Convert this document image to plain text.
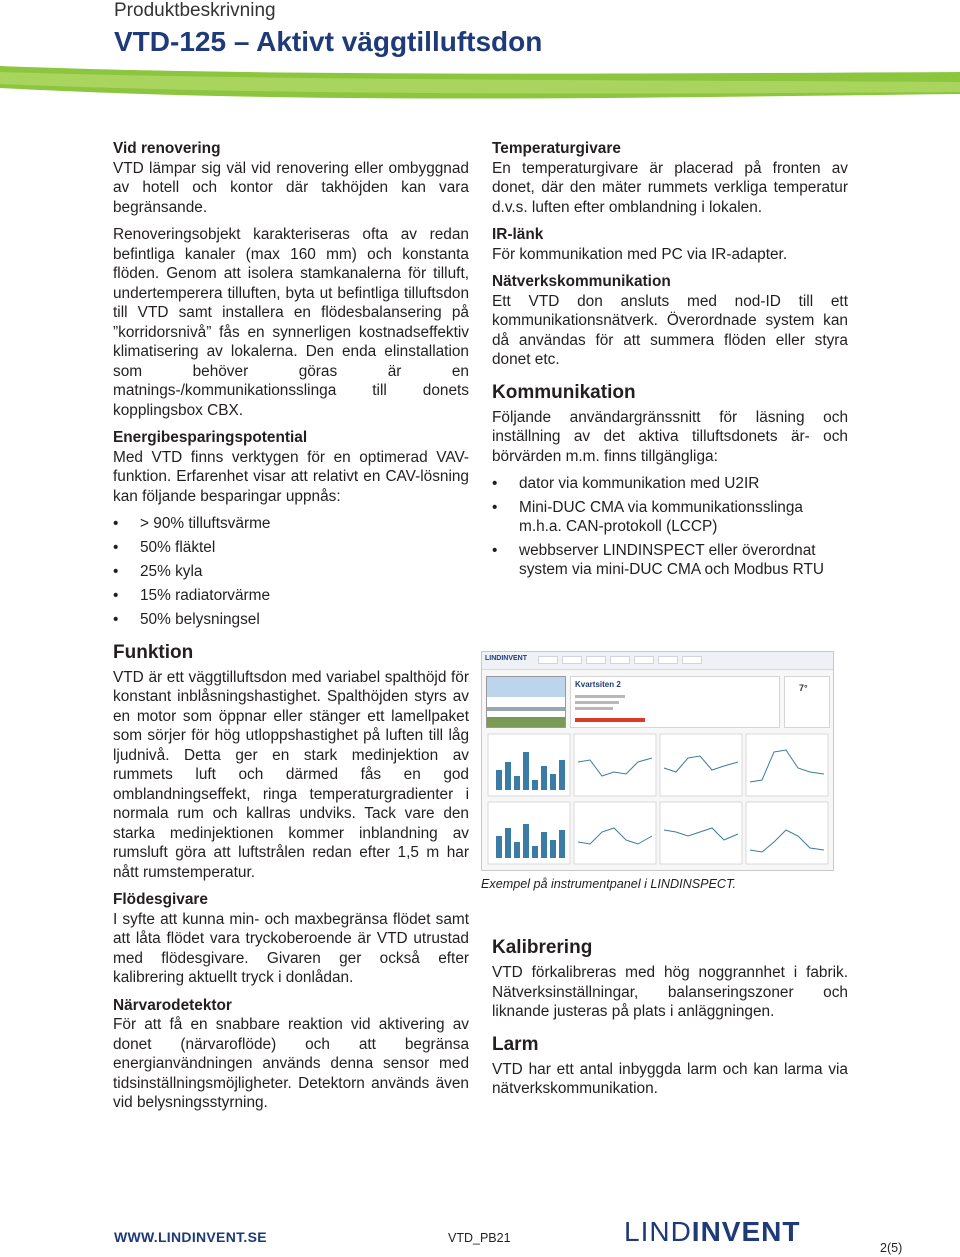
Produktbeskrivning
VTD-125 – Aktivt väggtilluftsdon
Vid renovering

VTD lämpar sig väl vid renovering eller ombyggnad av hotell och kontor där takhöjden kan vara begränsande.

Renoveringsobjekt karakteriseras ofta av redan befintliga kanaler (max 160 mm) och konstanta flöden. Genom att isolera stamkanalerna för tilluft, undertemperera tilluften, byta ut befintliga tilluftsdon till VTD samt installera en flödesbalansering på ”korridorsnivå” fås en synnerligen kostnadseffektiv klimatisering av lokalerna. Den enda elinstallation som behöver göras är en matnings-/kommunikationsslinga till donets kopplingsbox CBX.

Energibesparingspotential

Med VTD finns verktygen för en optimerad VAV-funktion. Erfarenhet visar att relativt en CAV-lösning kan följande besparingar uppnås:

• > 90% tilluftsvärme
• 50% fläktel
• 25% kyla
• 15% radiatorvärme
• 50% belysningsel
Funktion

VTD är ett väggtilluftsdon med variabel spalthöjd för konstant inblåsningshastighet. Spalthöjden styrs av en motor som öppnar eller stänger ett lamellpaket som sörjer för hög utloppshastighet på luften till låg ljudnivå. Detta ger en stark medinjektion av rummets luft och därmed fås en god omblandningseffekt, ringa temperaturgradienter i normala rum och kallras undviks. Tack vare den starka medinjektionen kommer inblandning av rumsluft göra att luftstrålen redan efter 1,5 m har nått rumstemperatur.

Flödesgivare

I syfte att kunna min- och maxbegränsa flödet samt att låta flödet vara tryckoberoende är VTD utrustad med flödesgivare. Givaren ger också efter kalibrering aktuellt tryck i donlådan.

Närvarodetektor

För att få en snabbare reaktion vid aktivering av donet (närvaroflöde) och att begränsa energianvändningen används denna sensor med tidsinställningsmöjligheter. Detektorn används även vid belysningsstyrning.

Temperaturgivare

En temperaturgivare är placerad på fronten av donet, där den mäter rummets verkliga temperatur d.v.s. luften efter omblandning i lokalen.

IR-länk

För kommunikation med PC via IR-adapter.

Nätverkskommunikation

Ett VTD don ansluts med nod-ID till ett kommunikationsnätverk. Överordnade system kan då användas för att summera flöden eller styra donet etc.

Kommunikation

Följande användargränssnitt för läsning och inställning av det aktiva tilluftsdonets är- och börvärden m.m. finns tillgängliga:

• dator via kommunikation med U2IR
• Mini-DUC CMA via kommunikationsslinga m.h.a. CAN-protokoll (LCCP)
• webbserver LINDINSPECT eller överordnat system via mini-DUC CMA och Modbus RTU
LINDINVENT
Kvartsiten 2	7°
Exempel på instrumentpanel i LINDINSPECT.
Kalibrering

VTD förkalibreras med hög noggrannhet i fabrik. Nätverksinställningar, balanseringszoner och liknande justeras på plats i anläggningen.

Larm

VTD har ett antal inbyggda larm och kan larma via nätverkskommunikation.

WWW.LINDINVENT.SE	VTD_PB21	LINDINVENT
2(5)
